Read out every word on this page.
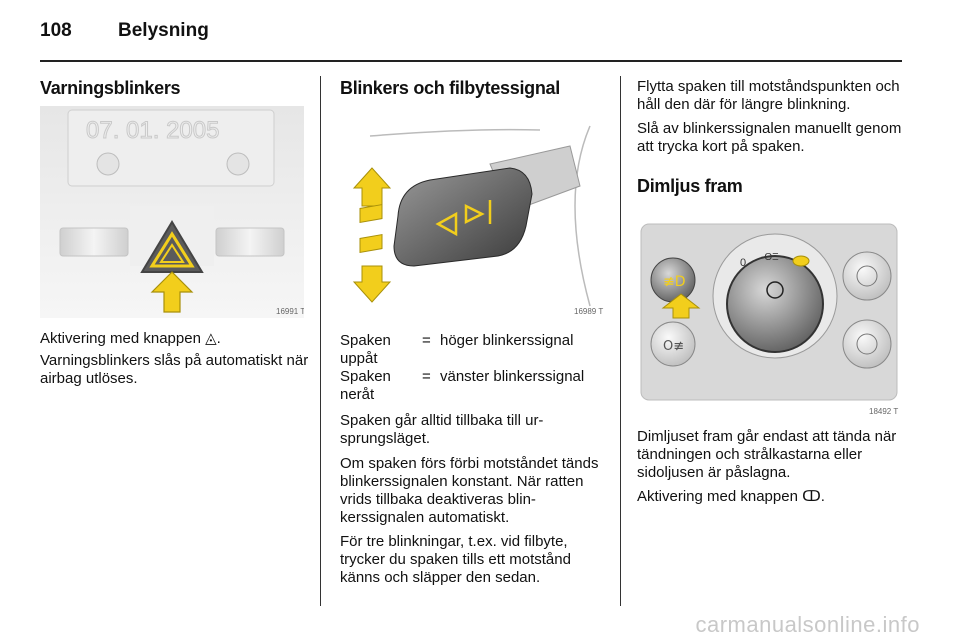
108 Belysning
Varningsblinkers
07. 01. 2005
16991 T

Aktivering med knappen ◬.

Varningsblinkers slås på automatiskt när airbag utlöses.

Blinkers och filbytessignal
16989 T
Spaken uppåt	=	höger blinkerssignal
Spaken neråt	=	vänster blinkerssignal

Spaken går alltid tillbaka till ur-sprungsläget.

Om spaken förs förbi motståndet tänds blinkerssignalen konstant. När ratten vrids tillbaka deaktiveras blin-kerssignalen automatiskt.

För tre blinkningar, t.ex. vid filbyte, trycker du spaken tills ett motstånd känns och släpper den sedan.

Flytta spaken till motståndspunkten och håll den där för längre blinkning.

Slå av blinkerssignalen manuellt genom att trycka kort på spaken.

Dimljus fram
0 -ΟΞ
≢D
O≢
18492 T

Dimljuset fram går endast att tända när tändningen och strålkastarna eller sidoljusen är påslagna.

Aktivering med knappen ↀ.

carmanualsonline.info
